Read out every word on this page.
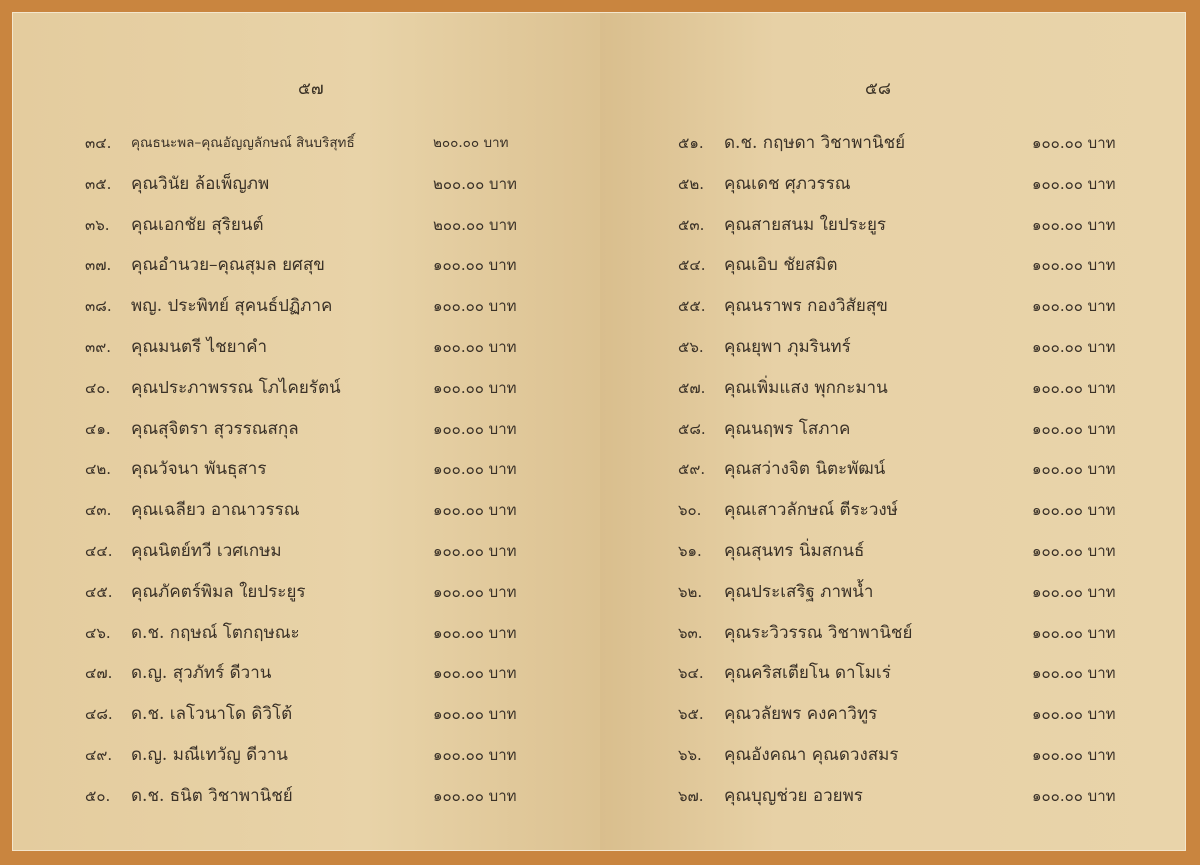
๕๗
๓๔. คุณธนะพล–คุณอัญญลักษณ์ สินบริสุทธิ์	๒๐๐.๐๐ บาท
๓๕. คุณวินัย ล้อเพ็ญภพ	๒๐๐.๐๐ บาท
๓๖. คุณเอกชัย สุริยนต์	๒๐๐.๐๐ บาท
๓๗. คุณอำนวย–คุณสุมล ยศสุข	๑๐๐.๐๐ บาท
๓๘. พญ. ประพิทย์ สุคนธ์ปฏิภาค	๑๐๐.๐๐ บาท
๓๙. คุณมนตรี ไชยาคำ	๑๐๐.๐๐ บาท
๔๐. คุณประภาพรรณ โภไคยรัตน์	๑๐๐.๐๐ บาท
๔๑. คุณสุจิตรา สุวรรณสกุล	๑๐๐.๐๐ บาท
๔๒. คุณวัจนา พันธุสาร	๑๐๐.๐๐ บาท
๔๓. คุณเฉลียว อาณาวรรณ	๑๐๐.๐๐ บาท
๔๔. คุณนิตย์ทวี เวศเกษม	๑๐๐.๐๐ บาท
๔๕. คุณภัคตร์พิมล ใยประยูร	๑๐๐.๐๐ บาท
๔๖. ด.ช. กฤษณ์ โตกฤษณะ	๑๐๐.๐๐ บาท
๔๗. ด.ญ. สุวภัทร์ ดีวาน	๑๐๐.๐๐ บาท
๔๘. ด.ช. เลโวนาโด ดิวิโต้	๑๐๐.๐๐ บาท
๔๙. ด.ญ. มณีเทวัญ ดีวาน	๑๐๐.๐๐ บาท
๕๐. ด.ช. ธนิต วิชาพานิชย์	๑๐๐.๐๐ บาท
๕๘
๕๑. ด.ช. กฤษดา วิชาพานิชย์	๑๐๐.๐๐ บาท
๕๒. คุณเดช ศุภวรรณ	๑๐๐.๐๐ บาท
๕๓. คุณสายสนม ใยประยูร	๑๐๐.๐๐ บาท
๕๔. คุณเอิบ ชัยสมิต	๑๐๐.๐๐ บาท
๕๕. คุณนราพร กองวิสัยสุข	๑๐๐.๐๐ บาท
๕๖. คุณยุพา ภุมรินทร์	๑๐๐.๐๐ บาท
๕๗. คุณเพิ่มแสง พุกกะมาน	๑๐๐.๐๐ บาท
๕๘. คุณนฤพร โสภาค	๑๐๐.๐๐ บาท
๕๙. คุณสว่างจิต นิตะพัฒน์	๑๐๐.๐๐ บาท
๖๐. คุณเสาวลักษณ์ ตีระวงษ์	๑๐๐.๐๐ บาท
๖๑. คุณสุนทร นิ่มสกนธ์	๑๐๐.๐๐ บาท
๖๒. คุณประเสริฐ ภาพน้ำ	๑๐๐.๐๐ บาท
๖๓. คุณระวิวรรณ วิชาพานิชย์	๑๐๐.๐๐ บาท
๖๔. คุณคริสเตียโน ดาโมเร่	๑๐๐.๐๐ บาท
๖๕. คุณวลัยพร คงคาวิทูร	๑๐๐.๐๐ บาท
๖๖. คุณอังคณา คุณดวงสมร	๑๐๐.๐๐ บาท
๖๗. คุณบุญช่วย อวยพร	๑๐๐.๐๐ บาท
